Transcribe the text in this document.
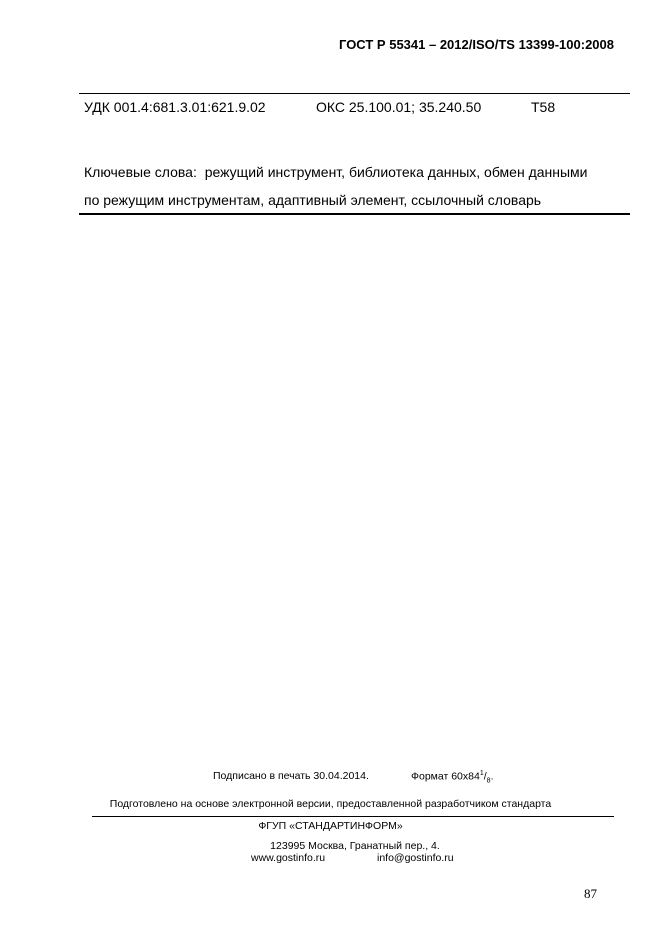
ГОСТ Р 55341 – 2012/ISO/TS 13399-100:2008
УДК 001.4:681.3.01:621.9.02	ОКС 25.100.01; 35.240.50	T58
Ключевые слова: режущий инструмент, библиотека данных, обмен данными
по режущим инструментам, адаптивный элемент, ссылочный словарь
Подписано в печать 30.04.2014.	Формат $60x84^1/_8$.
Подготовлено на основе электронной версии, предоставленной разработчиком стандарта
ФГУП «СТАНДАРТИНФОРМ»
123995 Москва, Гранатный пер., 4.
www.gostinfo.ru	info@gostinfo.ru
87
